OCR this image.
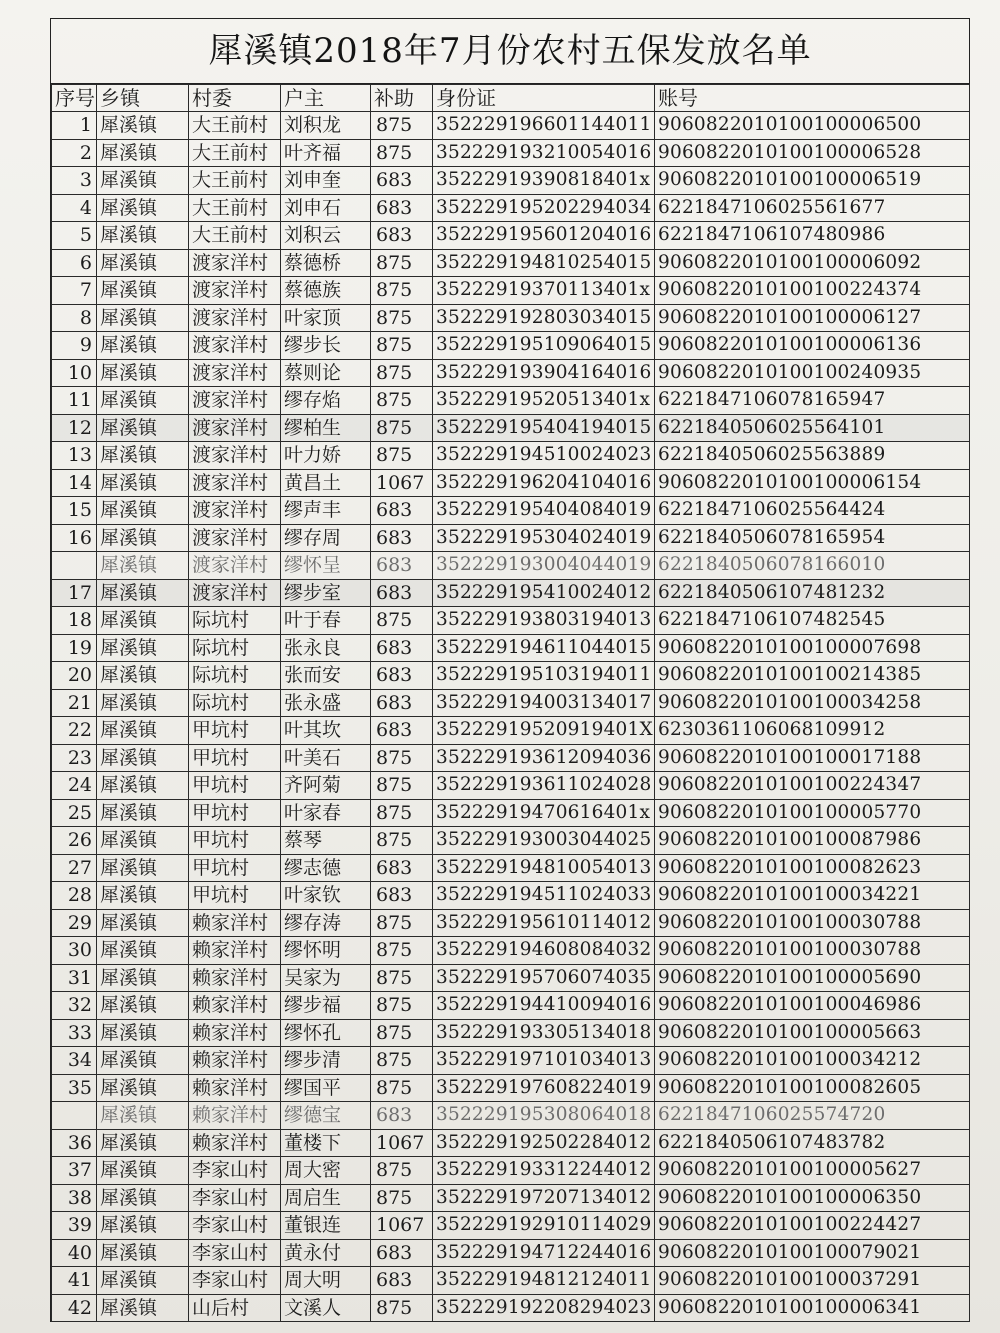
犀溪镇2018年7月份农村五保发放名单
序号	乡镇	村委	户主	补助	身份证	账号
1	犀溪镇	大王前村	刘积龙	875	352229196601144011	9060822010100100006500
2	犀溪镇	大王前村	叶齐福	875	352229193210054016	9060822010100100006528
3	犀溪镇	大王前村	刘申奎	683	35222919390818401x	9060822010100100006519
4	犀溪镇	大王前村	刘申石	683	352229195202294034	6221847106025561677
5	犀溪镇	大王前村	刘积云	683	352229195601204016	6221847106107480986
6	犀溪镇	渡家洋村	蔡德桥	875	352229194810254015	9060822010100100006092
7	犀溪镇	渡家洋村	蔡德族	875	35222919370113401x	9060822010100100224374
8	犀溪镇	渡家洋村	叶家顶	875	352229192803034015	9060822010100100006127
9	犀溪镇	渡家洋村	缪步长	875	352229195109064015	9060822010100100006136
10	犀溪镇	渡家洋村	蔡则论	875	352229193904164016	9060822010100100240935
11	犀溪镇	渡家洋村	缪存焰	875	35222919520513401x	6221847106078165947
12	犀溪镇	渡家洋村	缪柏生	875	352229195404194015	6221840506025564101
13	犀溪镇	渡家洋村	叶力娇	875	352229194510024023	6221840506025563889
14	犀溪镇	渡家洋村	黄昌土	1067	352229196204104016	9060822010100100006154
15	犀溪镇	渡家洋村	缪声丰	683	352229195404084019	6221847106025564424
16	犀溪镇	渡家洋村	缪存周	683	352229195304024019	6221840506078165954
	犀溪镇	渡家洋村	缪怀呈	683	352229193004044019	6221840506078166010
17	犀溪镇	渡家洋村	缪步室	683	352229195410024012	6221840506107481232
18	犀溪镇	际坑村	叶于春	875	352229193803194013	6221847106107482545
19	犀溪镇	际坑村	张永良	683	352229194611044015	9060822010100100007698
20	犀溪镇	际坑村	张而安	683	352229195103194011	9060822010100100214385
21	犀溪镇	际坑村	张永盛	683	352229194003134017	9060822010100100034258
22	犀溪镇	甲坑村	叶其坎	683	35222919520919401X	6230361106068109912
23	犀溪镇	甲坑村	叶美石	875	352229193612094036	9060822010100100017188
24	犀溪镇	甲坑村	齐阿菊	875	352229193611024028	9060822010100100224347
25	犀溪镇	甲坑村	叶家春	875	35222919470616401x	9060822010100100005770
26	犀溪镇	甲坑村	蔡琴	875	352229193003044025	9060822010100100087986
27	犀溪镇	甲坑村	缪志德	683	352229194810054013	9060822010100100082623
28	犀溪镇	甲坑村	叶家钦	683	352229194511024033	9060822010100100034221
29	犀溪镇	赖家洋村	缪存涛	875	352229195610114012	9060822010100100030788
30	犀溪镇	赖家洋村	缪怀明	875	352229194608084032	9060822010100100030788
31	犀溪镇	赖家洋村	吴家为	875	352229195706074035	9060822010100100005690
32	犀溪镇	赖家洋村	缪步福	875	352229194410094016	9060822010100100046986
33	犀溪镇	赖家洋村	缪怀孔	875	352229193305134018	9060822010100100005663
34	犀溪镇	赖家洋村	缪步清	875	352229197101034013	9060822010100100034212
35	犀溪镇	赖家洋村	缪国平	875	352229197608224019	9060822010100100082605
	犀溪镇	赖家洋村	缪德宝	683	352229195308064018	6221847106025574720
36	犀溪镇	赖家洋村	董楼下	1067	352229192502284012	6221840506107483782
37	犀溪镇	李家山村	周大密	875	352229193312244012	9060822010100100005627
38	犀溪镇	李家山村	周启生	875	352229197207134012	9060822010100100006350
39	犀溪镇	李家山村	董银连	1067	352229192910114029	9060822010100100224427
40	犀溪镇	李家山村	黄永付	683	352229194712244016	9060822010100100079021
41	犀溪镇	李家山村	周大明	683	352229194812124011	9060822010100100037291
42	犀溪镇	山后村	文溪人	875	352229192208294023	9060822010100100006341
